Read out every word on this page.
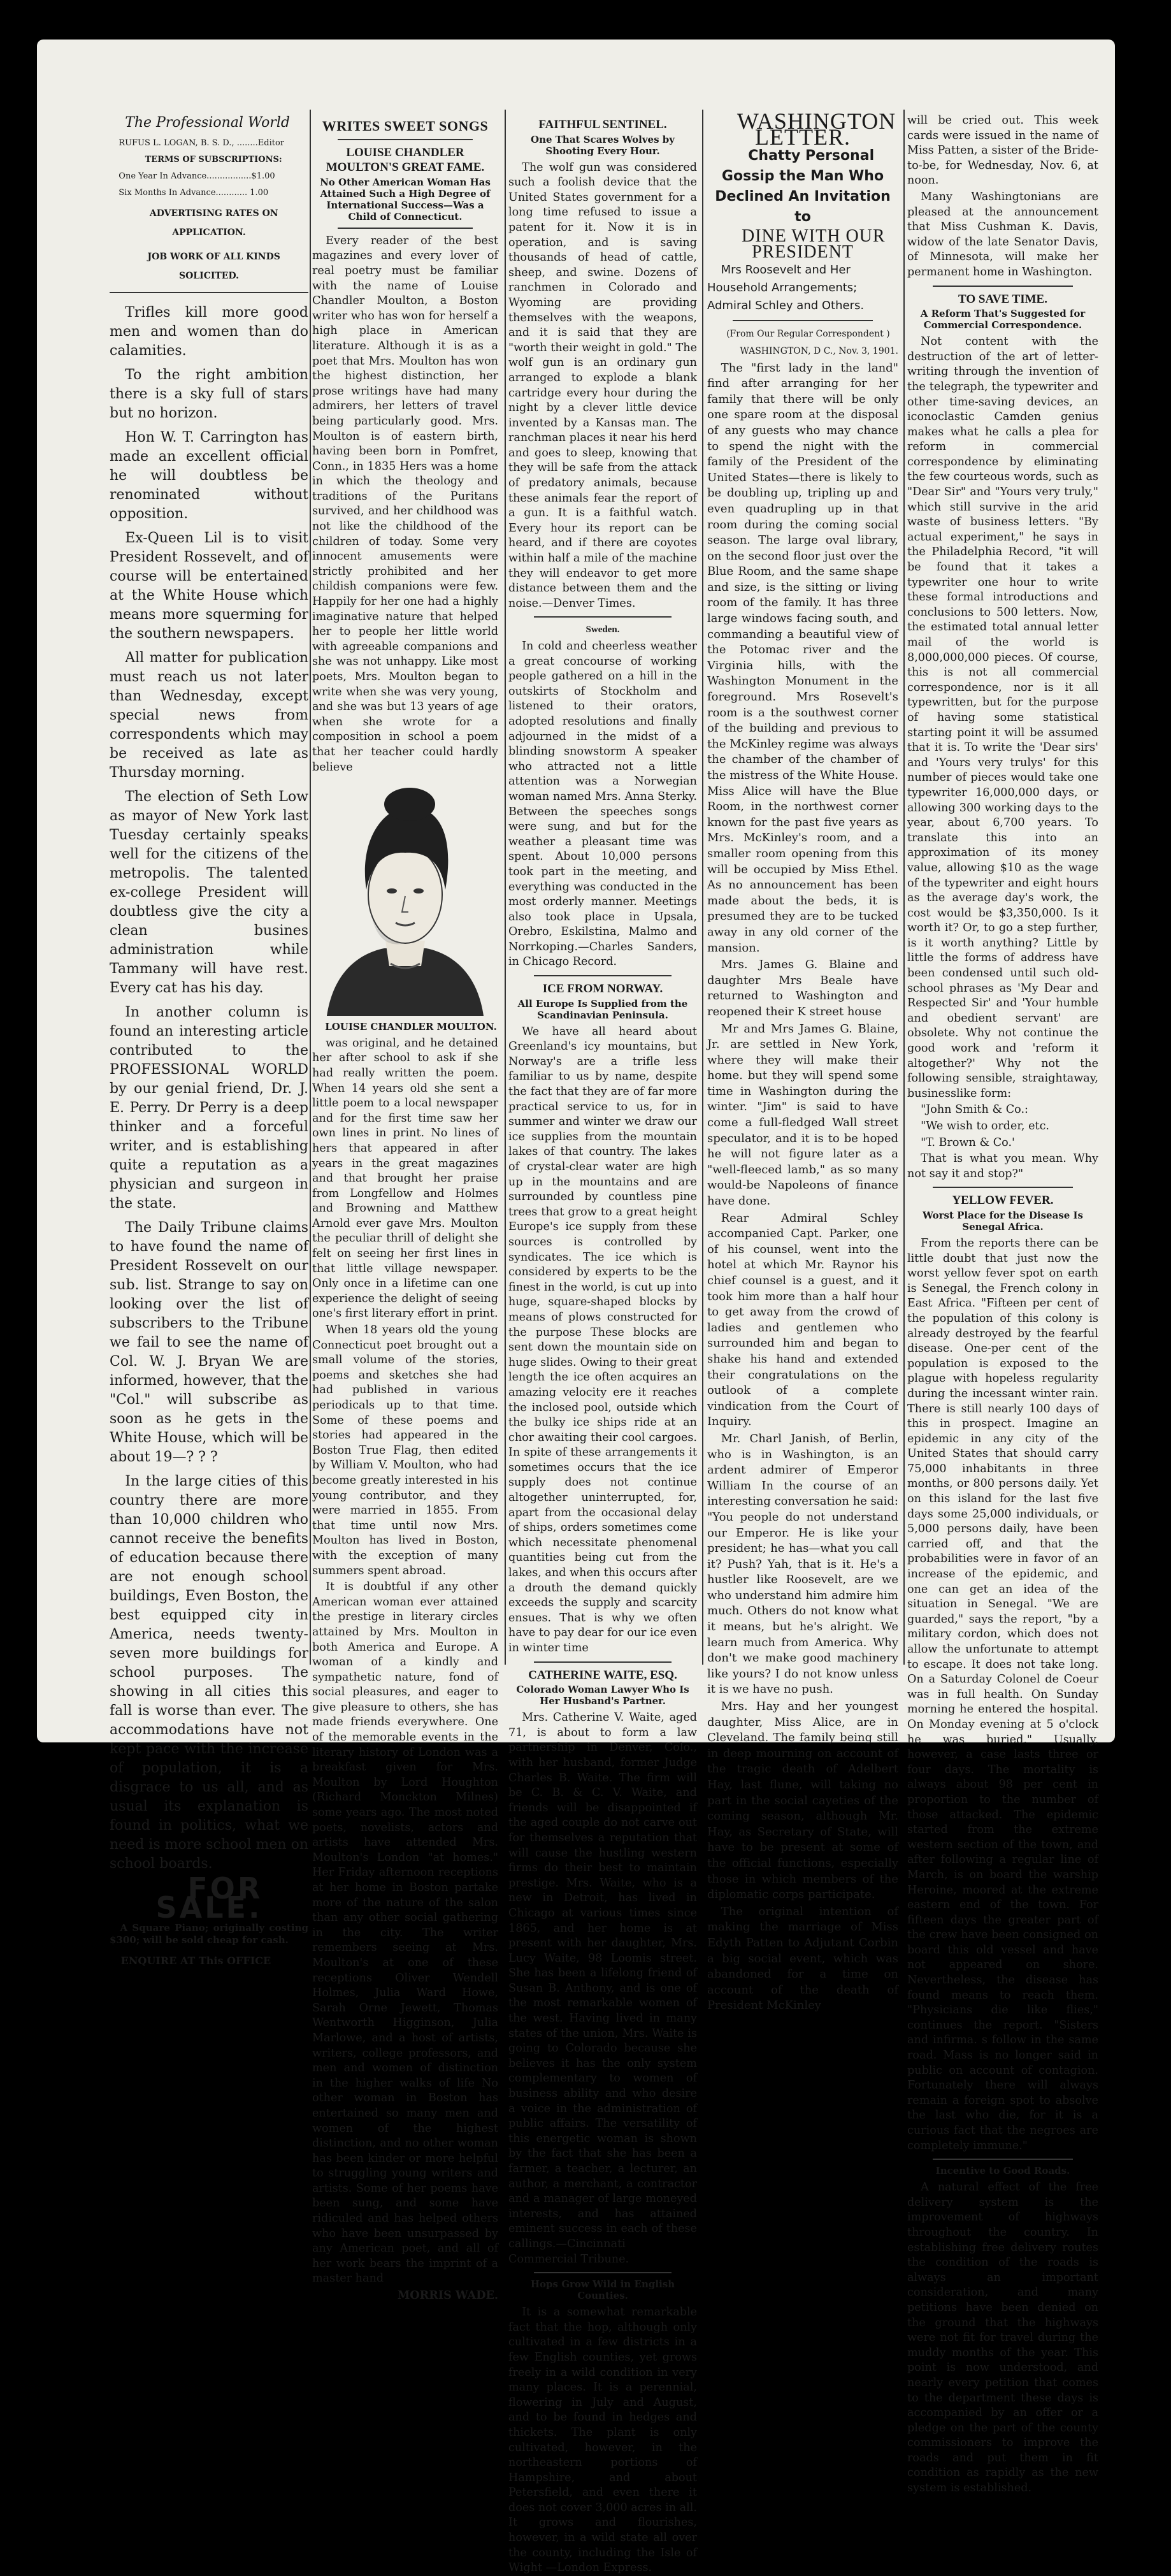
The Professional World

RUFUS L. LOGAN, B. S. D., ........Editor

TERMS OF SUBSCRIPTIONS:

One Year In Advance.................$1.00

Six Months In Advance............ 1.00

ADVERTISING RATES ON APPLICATION.

JOB WORK OF ALL KINDS SOLICITED.

Trifles kill more good men and women than do calamities.

To the right ambition there is a sky full of stars but no horizon.

Hon W. T. Carrington has made an excellent official he will doubtless be renominated without opposition.

Ex-Queen Lil is to visit President Rossevelt, and of course will be entertained at the White House which means more squerming for the southern newspapers.

All matter for publication must reach us not later than Wednesday, except special news from correspondents which may be received as late as Thursday morning.

The election of Seth Low as mayor of New York last Tuesday certainly speaks well for the citizens of the metropolis. The talented ex-college President will doubtless give the city a clean busines administration while Tammany will have rest. Every cat has his day.

In another column is found an interesting article contributed to the PROFESSIONAL WORLD by our genial friend, Dr. J. E. Perry. Dr Perry is a deep thinker and a forceful writer, and is establishing quite a reputation as a physician and surgeon in the state.

The Daily Tribune claims to have found the name of President Rossevelt on our sub. list. Strange to say on looking over the list of subscribers to the Tribune we fail to see the name of Col. W. J. Bryan We are informed, however, that the "Col." will subscribe as soon as he gets in the White House, which will be about 19—? ? ?

In the large cities of this country there are more than 10,000 children who cannot receive the benefits of education because there are not enough school buildings, Even Boston, the best equipped city in America, needs twenty-seven more buildings for school purposes. The showing in all cities this fall is worse than ever. The accommodations have not kept pace with the increase of population, it is a disgrace to us all, and as usual its explanation is found in politics, what we need is more school men on school boards.

FOR SALE.

A Square Piano; originally costing $300; will be sold cheap for cash.

ENQUIRE AT This OFFICE

WRITES SWEET SONGS
LOUISE CHANDLER MOULTON'S GREAT FAME.

No Other American Woman Has Attained Such a High Degree of International Success—Was a Child of Connecticut.

Every reader of the best magazines and every lover of real poetry must be familiar with the name of Louise Chandler Moulton, a Boston writer who has won for herself a high place in American literature. Although it is as a poet that Mrs. Moulton has won the highest distinction, her prose writings have had many admirers, her letters of travel being particularly good. Mrs. Moulton is of eastern birth, having been born in Pomfret, Conn., in 1835 Hers was a home in which the theology and traditions of the Puritans survived, and her childhood was not like the childhood of the children of today. Some very innocent amusements were strictly prohibited and her childish companions were few. Happily for her one had a highly imaginative nature that helped her to people her little world with agreeable companions and she was not unhappy. Like most poets, Mrs. Moulton began to write when she was very young, and she was but 13 years of age when she wrote for a composition in school a poem that her teacher could hardly believe

LOUISE CHANDLER MOULTON.

was original, and he detained her after school to ask if she had really written the poem. When 14 years old she sent a little poem to a local newspaper and for the first time saw her own lines in print. No lines of hers that appeared in after years in the great magazines and that brought her praise from Longfellow and Holmes and Browning and Matthew Arnold ever gave Mrs. Moulton the peculiar thrill of delight she felt on seeing her first lines in that little village newspaper. Only once in a lifetime can one experience the delight of seeing one's first literary effort in print.

When 18 years old the young Connecticut poet brought out a small volume of the stories, poems and sketches she had had published in various periodicals up to that time. Some of these poems and stories had appeared in the Boston True Flag, then edited by William V. Moulton, who had become greatly interested in his young contributor, and they were married in 1855. From that time until now Mrs. Moulton has lived in Boston, with the exception of many summers spent abroad.

It is doubtful if any other American woman ever attained the prestige in literary circles attained by Mrs. Moulton in both America and Europe. A woman of a kindly and sympathetic nature, fond of social pleasures, and eager to give pleasure to others, she has made friends everywhere. One of the memorable events in the literary history of London was a breakfast given for Mrs. Moulton by Lord Houghton (Richard Monckton Milnes) some years ago. The most noted poets, novelists, actors and artists have attended Mrs. Moulton's London "at homes." Her Friday afternoon receptions at her home in Boston partake more of the nature of the salon than any other social gathering in the city. The writer remembers seeing at Mrs. Moulton's at one of these receptions Oliver Wendell Holmes, Julia Ward Howe, Sarah Orne Jewett, Thomas Wentworth Higginson, Julia Marlowe, and a host of artists, writers, college professors, and men and women of distinction in the higher walks of life No other woman in Boston has entertained so many men and women of the highest distinction, and no other woman has been kinder or more helpful to struggling young writers and artists. Some of her poems have been sung, and some have ridiculed and has helped others who have been unsurpassed by any American poet, and all of her work bears the imprint of a master hand

MORRIS WADE.

FAITHFUL SENTINEL.

One That Scares Wolves by Shooting Every Hour.

The wolf gun was considered such a foolish device that the United States government for a long time refused to issue a patent for it. Now it is in operation, and is saving thousands of head of cattle, sheep, and swine. Dozens of ranchmen in Colorado and Wyoming are providing themselves with the weapons, and it is said that they are "worth their weight in gold." The wolf gun is an ordinary gun arranged to explode a blank cartridge every hour during the night by a clever little device invented by a Kansas man. The ranchman places it near his herd and goes to sleep, knowing that they will be safe from the attack of predatory animals, because these animals fear the report of a gun. It is a faithful watch. Every hour its report can be heard, and if there are coyotes within half a mile of the machine they will endeavor to get more distance between them and the noise.—Denver Times.

Sweden.

In cold and cheerless weather a great concourse of working people gathered on a hill in the outskirts of Stockholm and listened to their orators, adopted resolutions and finally adjourned in the midst of a blinding snowstorm A speaker who attracted not a little attention was a Norwegian woman named Mrs. Anna Sterky. Between the speeches songs were sung, and but for the weather a pleasant time was spent. About 10,000 persons took part in the meeting, and everything was conducted in the most orderly manner. Meetings also took place in Upsala, Orebro, Eskilstina, Malmo and Norrkoping.—Charles Sanders, in Chicago Record.

ICE FROM NORWAY.

All Europe Is Supplied from the Scandinavian Peninsula.

We have all heard about Greenland's icy mountains, but Norway's are a trifle less familiar to us by name, despite the fact that they are of far more practical service to us, for in summer and winter we draw our ice supplies from the mountain lakes of that country. The lakes of crystal-clear water are high up in the mountains and are surrounded by countless pine trees that grow to a great height Europe's ice supply from these sources is controlled by syndicates. The ice which is considered by experts to be the finest in the world, is cut up into huge, square-shaped blocks by means of plows constructed for the purpose These blocks are sent down the mountain side on huge slides. Owing to their great length the ice often acquires an amazing velocity ere it reaches the inclosed pool, outside which the bulky ice ships ride at an chor awaiting their cool cargoes. In spite of these arrangements it sometimes occurs that the ice supply does not continue altogether uninterrupted, for, apart from the occasional delay of ships, orders sometimes come which necessitate phenomenal quantities being cut from the lakes, and when this occurs after a drouth the demand quickly exceeds the supply and scarcity ensues. That is why we often have to pay dear for our ice even in winter time

CATHERINE WAITE, ESQ.

Colorado Woman Lawyer Who Is Her Husband's Partner.

Mrs. Catherine V. Waite, aged 71, is about to form a law partnership in Denver, Colo., with her husband, former Judge Charles B. Waite. The firm will be C. B. & C. V. Waite, and friends will be disappointed if the aged couple do not carve out for themselves a reputation that will cause the hustling western firms do their best to maintain prestige. Mrs. Waite, who is a new in Detroit, has lived in Chicago at various times since 1865, and her home is at present with her daughter, Mrs. Lucy Waite, 98 Loomis street. She has been a lifelong friend of Susan B. Anthony, and is one of the most remarkable women of the west. Having lived in many states of the union, Mrs. Waite is going to Colorado because she believes it has the only system complementary to women of business ability and who desire a voice in the administration of public affairs. The versatility of this energetic woman is shown by the fact that she has been a farmer, a teacher, a lecturer, an author, a merchant, a contractor and a manager of large moneyed interests, and has attained eminent success in each of these callings.—Cincinnati Commercial Tribune.

Hops Grow Wild in English Counties.

It is a somewhat remarkable fact that the hop, although only cultivated in a few districts in a few English counties, yet grows freely in a wild condition in very many places. It is a perennial, flowering in July and August, and to be found in hedges and thickets. The plant is only cultivated, however, in the northeastern portions of Hampshire, and about Petersfield, and even there it does not cover 3,000 acres in all. It grows and flourishes, however, in a wild state all over the county, including the Isle of Wight —London Express.

WASHINGTON LETTER.

Chatty Personal Gossip the Man Who Declined An Invitation to

DINE WITH OUR PRESIDENT

Mrs Roosevelt and Her Household Arrangements; Admiral Schley and Others.

(From Our Regular Correspondent )

WASHINGTON, D C., Nov. 3, 1901.

The "first lady in the land" find after arranging for her family that there will be only one spare room at the disposal of any guests who may chance to spend the night with the family of the President of the United States—there is likely to be doubling up, tripling up and even quadrupling up in that room during the coming social season. The large oval library, on the second floor just over the Blue Room, and the same shape and size, is the sitting or living room of the family. It has three large windows facing south, and commanding a beautiful view of the Potomac river and the Virginia hills, with the Washington Monument in the foreground. Mrs Rosevelt's room is a the southwest corner of the building and previous to the McKinley regime was always the chamber of the chamber of the mistress of the White House. Miss Alice will have the Blue Room, in the northwest corner known for the past five years as Mrs. McKinley's room, and a smaller room opening from this will be occupied by Miss Ethel. As no announcement has been made about the beds, it is presumed they are to be tucked away in any old corner of the mansion.

Mrs. James G. Blaine and daughter Mrs Beale have returned to Washington and reopened their K street house

Mr and Mrs James G. Blaine, Jr. are settled in New York, where they will make their home. but they will spend some time in Washington during the winter. "Jim" is said to have come a full-fledged Wall street speculator, and it is to be hoped he will not figure later as a "well-fleeced lamb," as so many would-be Napoleons of finance have done.

Rear Admiral Schley accompanied Capt. Parker, one of his counsel, went into the hotel at which Mr. Raynor his chief counsel is a guest, and it took him more than a half hour to get away from the crowd of ladies and gentlemen who surrounded him and began to shake his hand and extended their congratulations on the outlook of a complete vindication from the Court of Inquiry.

Mr. Charl Janish, of Berlin, who is in Washington, is an ardent admirer of Emperor William In the course of an interesting conversation he said: "You people do not understand our Emperor. He is like your president; he has—what you call it? Push? Yah, that is it. He's a hustler like Roosevelt, are we who understand him admire him much. Others do not know what it means, but he's alright. We learn much from America. Why don't we make good machinery like yours? I do not know unless it is we have no push.

Mrs. Hay and her youngest daughter, Miss Alice, are in Cleveland. The family being still in deep mourning on account of the tragic death of Adelbert Hay, last flune, will taking no part in the social cayeties of the coming season, although Mr. Hay, as Secretary of State, will have to be present at some of the official functions, especially those in which members of the diplomatic corps participate.

The original intention of making the marriage of Miss Edyth Patten to Adjutant Corbin a big social event, which was abandoned for a time on account of the death of President McKinley

will be cried out. This week cards were issued in the name of Miss Patten, a sister of the Bride-to-be, for Wednesday, Nov. 6, at noon.

Many Washingtonians are pleased at the announcement that Miss Cushman K. Davis, widow of the late Senator Davis, of Minnesota, will make her permanent home in Washington.

TO SAVE TIME.

A Reform That's Suggested for Commercial Correspondence.

Not content with the destruction of the art of letter-writing through the invention of the telegraph, the typewriter and other time-saving devices, an iconoclastic Camden genius makes what he calls a plea for reform in commercial correspondence by eliminating the few courteous words, such as "Dear Sir" and "Yours very truly," which still survive in the arid waste of business letters. "By actual experiment," he says in the Philadelphia Record, "it will be found that it takes a typewriter one hour to write these formal introductions and conclusions to 500 letters. Now, the estimated total annual letter mail of the world is 8,000,000,000 pieces. Of course, this is not all commercial correspondence, nor is it all typewritten, but for the purpose of having some statistical starting point it will be assumed that it is. To write the 'Dear sirs' and 'Yours very trulys' for this number of pieces would take one typewriter 16,000,000 days, or allowing 300 working days to the year, about 6,700 years. To translate this into an approximation of its money value, allowing $10 as the wage of the typewriter and eight hours as the average day's work, the cost would be $3,350,000. Is it worth it? Or, to go a step further, is it worth anything? Little by little the forms of address have been condensed until such old-school phrases as 'My Dear and Respected Sir' and 'Your humble and obedient servant' are obsolete. Why not continue the good work and 'reform it altogether?' Why not the following sensible, straightaway, businesslike form:

"John Smith & Co.:

"We wish to order, etc.

"T. Brown & Co.'

That is what you mean. Why not say it and stop?"

YELLOW FEVER.

Worst Place for the Disease Is Senegal Africa.

From the reports there can be little doubt that just now the worst yellow fever spot on earth is Senegal, the French colony in East Africa. "Fifteen per cent of the population of this colony is already destroyed by the fearful disease. One-per cent of the population is exposed to the plague with hopeless regularity during the incessant winter rain. There is still nearly 100 days of this in prospect. Imagine an epidemic in any city of the United States that should carry 75,000 inhabitants in three months, or 800 persons daily. Yet on this island for the last five days some 25,000 individuals, or 5,000 persons daily, have been carried off, and that the probabilities were in favor of an increase of the epidemic, and one can get an idea of the situation in Senegal. "We are guarded," says the report, "by a military cordon, which does not allow the unfortunate to attempt to escape. It does not take long. On a Saturday Colonel de Coeur was in full health. On Sunday morning he entered the hospital. On Monday evening at 5 o'clock he was buried." Usually, however, a case lasts three or four days. The mortality is always about 98 per cent in proportion to the number of those attacked. The epidemic started from the extreme western section of the town, and after following a regular line of March, is on board the warship Heroine, moored at the extreme eastern end of the town. For fifteen days the greater part of the crew have been consigned on board this old vessel and have not appeared on shore. Nevertheless, the disease has found means to reach them. "Physicians die like flies," continues the report. "Sisters and infirma. s follow in the same road. Mass is no longer said in public on account of contagion. Fortunately there will always remain a foreign spot to absolve the last who die, for it is a curious fact that the negroes are completely immune."

Incentive to Good Roads.

A natural effect of the free delivery system is the improvement of highways throughout the country. In establishing free delivery routes the condition of the roads is always an important consideration, and many petitions have been denied on the ground that the highways were not fit for travel during the muddy months of the year. This point is now understood, and nearly every petition that comes to the department these days is accompanied by an offer or a pledge on the part of the county commissioners to improve the roads and put them in fit condition as rapidly as the new system is established.
